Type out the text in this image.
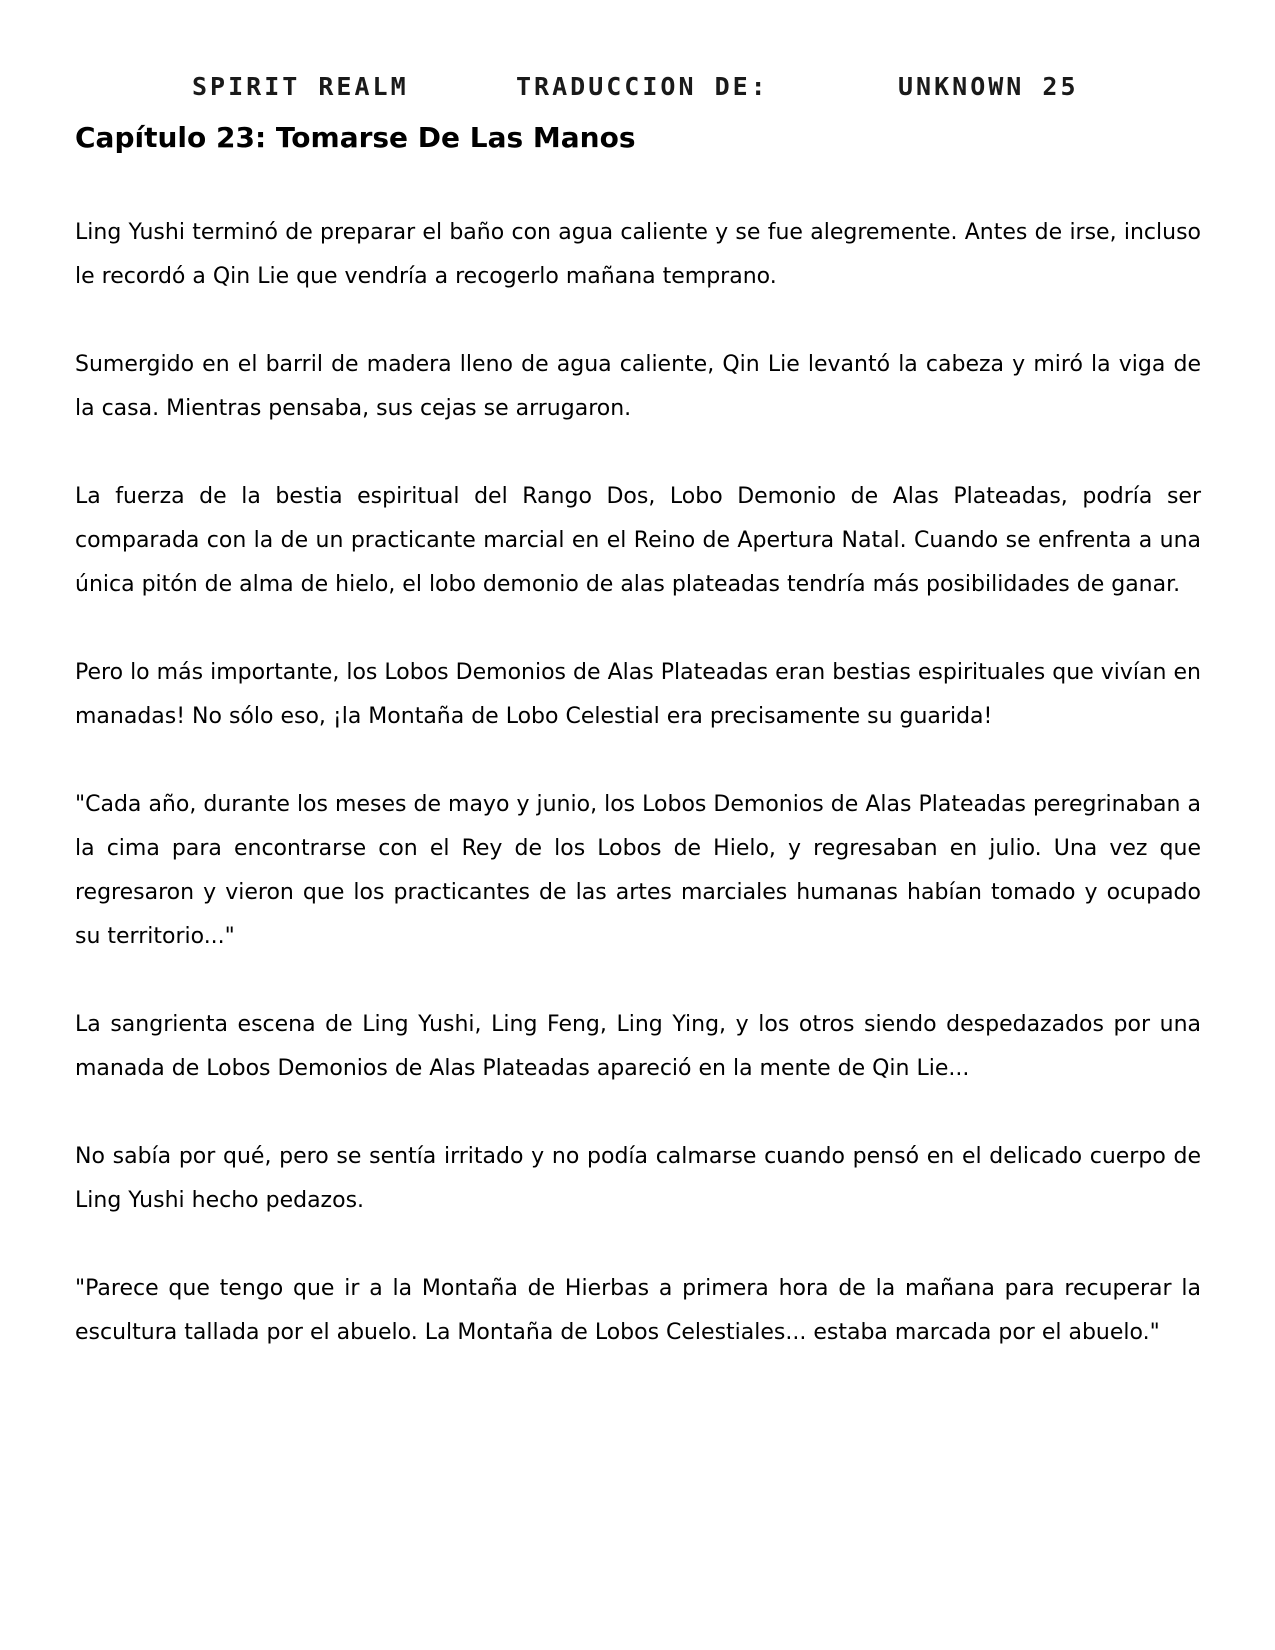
SPIRIT REALM	TRADUCCION DE:	UNKNOWN 25
Capítulo 23: Tomarse De Las Manos

Ling Yushi terminó de preparar el baño con agua caliente y se fue alegremente. Antes de irse, incluso le recordó a Qin Lie que vendría a recogerlo mañana temprano.

Sumergido en el barril de madera lleno de agua caliente, Qin Lie levantó la cabeza y miró la viga de la casa. Mientras pensaba, sus cejas se arrugaron.

La fuerza de la bestia espiritual del Rango Dos, Lobo Demonio de Alas Plateadas, podría ser comparada con la de un practicante marcial en el Reino de Apertura Natal. Cuando se enfrenta a una única pitón de alma de hielo, el lobo demonio de alas plateadas tendría más posibilidades de ganar.

Pero lo más importante, los Lobos Demonios de Alas Plateadas eran bestias espirituales que vivían en manadas! No sólo eso, ¡la Montaña de Lobo Celestial era precisamente su guarida!

"Cada año, durante los meses de mayo y junio, los Lobos Demonios de Alas Plateadas peregrinaban a la cima para encontrarse con el Rey de los Lobos de Hielo, y regresaban en julio. Una vez que regresaron y vieron que los practicantes de las artes marciales humanas habían tomado y ocupado su territorio..."

La sangrienta escena de Ling Yushi, Ling Feng, Ling Ying, y los otros siendo despedazados por una manada de Lobos Demonios de Alas Plateadas apareció en la mente de Qin Lie...

No sabía por qué, pero se sentía irritado y no podía calmarse cuando pensó en el delicado cuerpo de Ling Yushi hecho pedazos.

"Parece que tengo que ir a la Montaña de Hierbas a primera hora de la mañana para recuperar la escultura tallada por el abuelo. La Montaña de Lobos Celestiales... estaba marcada por el abuelo."
